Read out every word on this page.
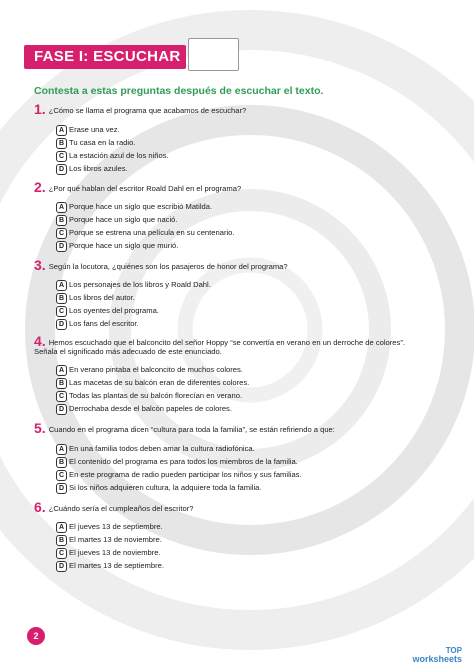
FASE I: ESCUCHAR
Contesta a estas preguntas después de escuchar el texto.
1. ¿Cómo se llama el programa que acabamos de escuchar?
A Erase una vez.
B Tu casa en la radio.
C La estación azul de los niños.
D Los libros azules.
2. ¿Por qué hablan del escritor Roald Dahl en el programa?
A Porque hace un siglo que escribió Matilda.
B Porque hace un siglo que nació.
C Porque se estrena una película en su centenario.
D Porque hace un siglo que murió.
3. Según la locutora, ¿quiénes son los pasajeros de honor del programa?
A Los personajes de los libros y Roald Dahl.
B Los libros del autor.
C Los oyentes del programa.
D Los fans del escritor.
4. Hemos escuchado que el balconcito del señor Hoppy “se convertía en verano en un derroche de colores”.
Señala el significado más adecuado de este enunciado.
A En verano pintaba el balconcito de muchos colores.
B Las macetas de su balcón eran de diferentes colores.
C Todas las plantas de su balcón florecían en verano.
D Derrochaba desde el balcón papeles de colores.
5. Cuando en el programa dicen “cultura para toda la familia”, se están refiriendo a que:
A En una familia todos deben amar la cultura radiofónica.
B El contenido del programa es para todos los miembros de la familia.
C En este programa de radio pueden participar los niños y sus familias.
D Si los niños adquieren cultura, la adquiere toda la familia.
6. ¿Cuándo sería el cumpleaños del escritor?
A El jueves 13 de septiembre.
B El martes 13 de noviembre.
C El jueves 13 de noviembre.
D El martes 13 de septiembre.
2
TOP
worksheets
